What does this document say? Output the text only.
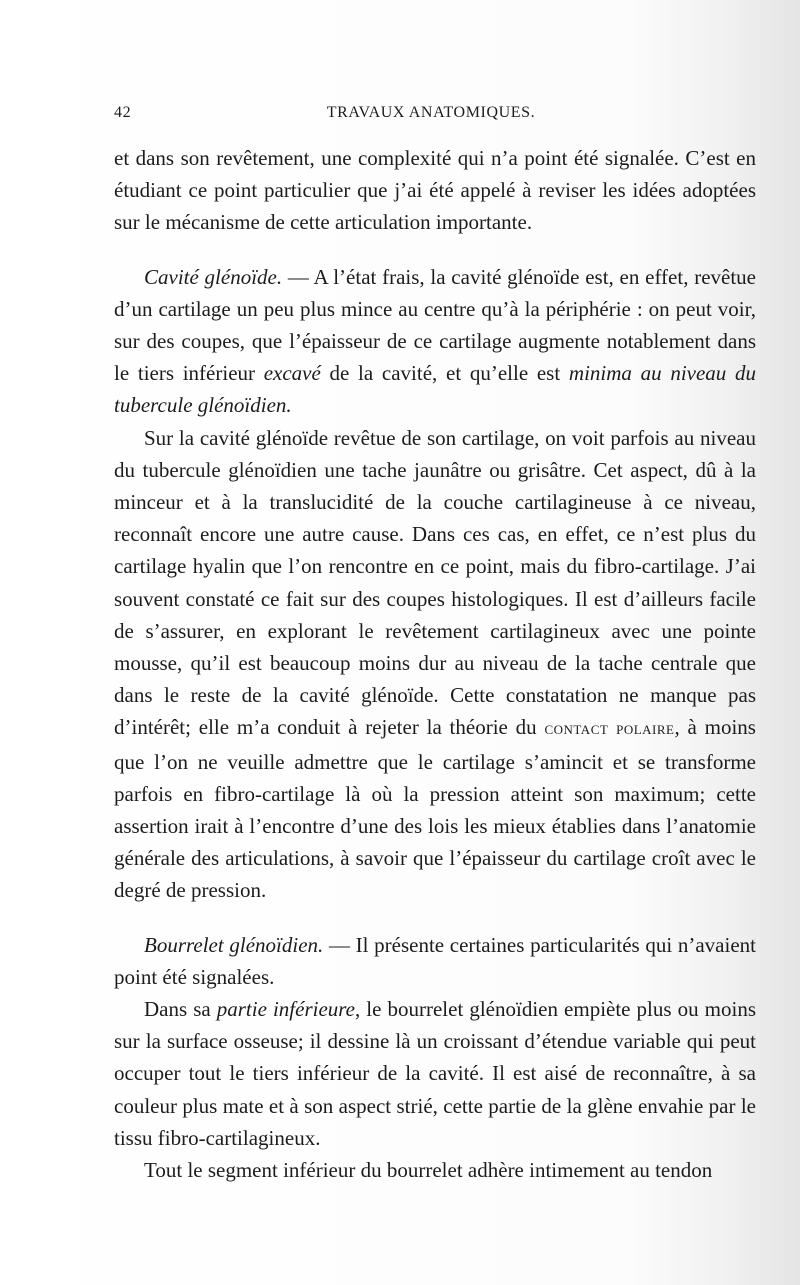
42	TRAVAUX ANATOMIQUES.

et dans son revêtement, une complexité qui n’a point été signalée. C’est en étudiant ce point particulier que j’ai été appelé à reviser les idées adoptées sur le mécanisme de cette articulation importante.

Cavité glénoïde. — A l’état frais, la cavité glénoïde est, en effet, revêtue d’un cartilage un peu plus mince au centre qu’à la périphérie : on peut voir, sur des coupes, que l’épaisseur de ce cartilage augmente notablement dans le tiers inférieur excavé de la cavité, et qu’elle est minima au niveau du tubercule glénoïdien.

Sur la cavité glénoïde revêtue de son cartilage, on voit parfois au niveau du tubercule glénoïdien une tache jaunâtre ou grisâtre. Cet aspect, dû à la minceur et à la translucidité de la couche cartilagineuse à ce niveau, reconnaît encore une autre cause. Dans ces cas, en effet, ce n’est plus du cartilage hyalin que l’on rencontre en ce point, mais du fibro-cartilage. J’ai souvent constaté ce fait sur des coupes histologiques. Il est d’ailleurs facile de s’assurer, en explorant le revêtement cartilagineux avec une pointe mousse, qu’il est beaucoup moins dur au niveau de la tache centrale que dans le reste de la cavité glénoïde. Cette constatation ne manque pas d’intérêt; elle m’a conduit à rejeter la théorie du contact polaire, à moins que l’on ne veuille admettre que le cartilage s’amincit et se transforme parfois en fibro-cartilage là où la pression atteint son maximum; cette assertion irait à l’encontre d’une des lois les mieux établies dans l’anatomie générale des articulations, à savoir que l’épaisseur du cartilage croît avec le degré de pression.

Bourrelet glénoïdien. — Il présente certaines particularités qui n’avaient point été signalées.

Dans sa partie inférieure, le bourrelet glénoïdien empiète plus ou moins sur la surface osseuse; il dessine là un croissant d’étendue variable qui peut occuper tout le tiers inférieur de la cavité. Il est aisé de reconnaître, à sa couleur plus mate et à son aspect strié, cette partie de la glène envahie par le tissu fibro-cartilagineux.

Tout le segment inférieur du bourrelet adhère intimement au tendon
